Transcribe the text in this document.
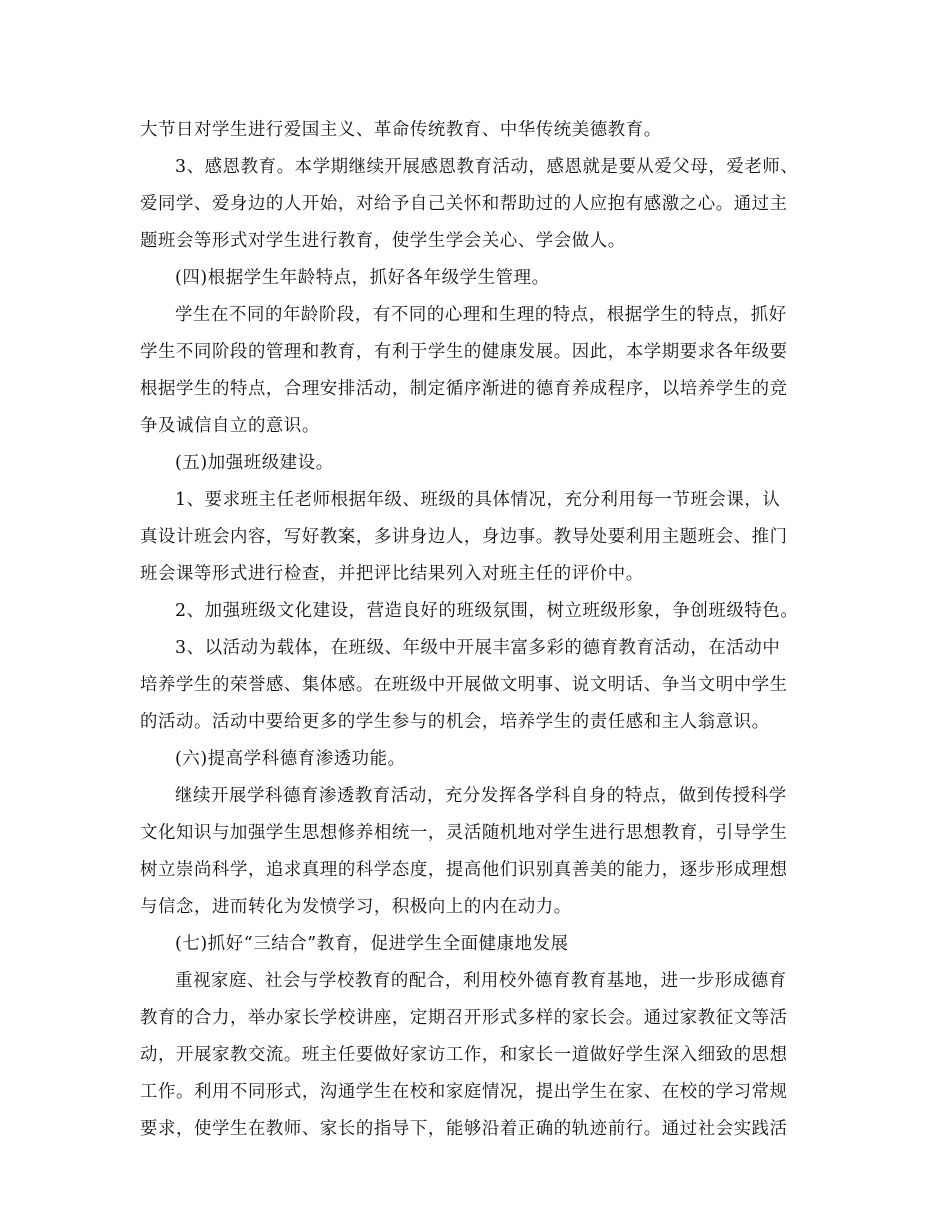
大节日对学生进行爱国主义、革命传统教育、中华传统美德教育。
3、感恩教育。本学期继续开展感恩教育活动，感恩就是要从爱父母，爱老师、
爱同学、爱身边的人开始，对给予自己关怀和帮助过的人应抱有感激之心。通过主
题班会等形式对学生进行教育，使学生学会关心、学会做人。
(四)根据学生年龄特点，抓好各年级学生管理。
学生在不同的年龄阶段，有不同的心理和生理的特点，根据学生的特点，抓好
学生不同阶段的管理和教育，有利于学生的健康发展。因此，本学期要求各年级要
根据学生的特点，合理安排活动，制定循序渐进的德育养成程序，以培养学生的竞
争及诚信自立的意识。
(五)加强班级建设。
1、要求班主任老师根据年级、班级的具体情况，充分利用每一节班会课，认
真设计班会内容，写好教案，多讲身边人，身边事。教导处要利用主题班会、推门
班会课等形式进行检查，并把评比结果列入对班主任的评价中。
2、加强班级文化建设，营造良好的班级氛围，树立班级形象，争创班级特色。
3、以活动为载体，在班级、年级中开展丰富多彩的德育教育活动，在活动中
培养学生的荣誉感、集体感。在班级中开展做文明事、说文明话、争当文明中学生
的活动。活动中要给更多的学生参与的机会，培养学生的责任感和主人翁意识。
(六)提高学科德育渗透功能。
继续开展学科德育渗透教育活动，充分发挥各学科自身的特点，做到传授科学
文化知识与加强学生思想修养相统一，灵活随机地对学生进行思想教育，引导学生
树立崇尚科学，追求真理的科学态度，提高他们识别真善美的能力，逐步形成理想
与信念，进而转化为发愤学习，积极向上的内在动力。
(七)抓好“三结合”教育，促进学生全面健康地发展
重视家庭、社会与学校教育的配合，利用校外德育教育基地，进一步形成德育
教育的合力，举办家长学校讲座，定期召开形式多样的家长会。通过家教征文等活
动，开展家教交流。班主任要做好家访工作，和家长一道做好学生深入细致的思想
工作。利用不同形式，沟通学生在校和家庭情况，提出学生在家、在校的学习常规
要求，使学生在教师、家长的指导下，能够沿着正确的轨迹前行。通过社会实践活
